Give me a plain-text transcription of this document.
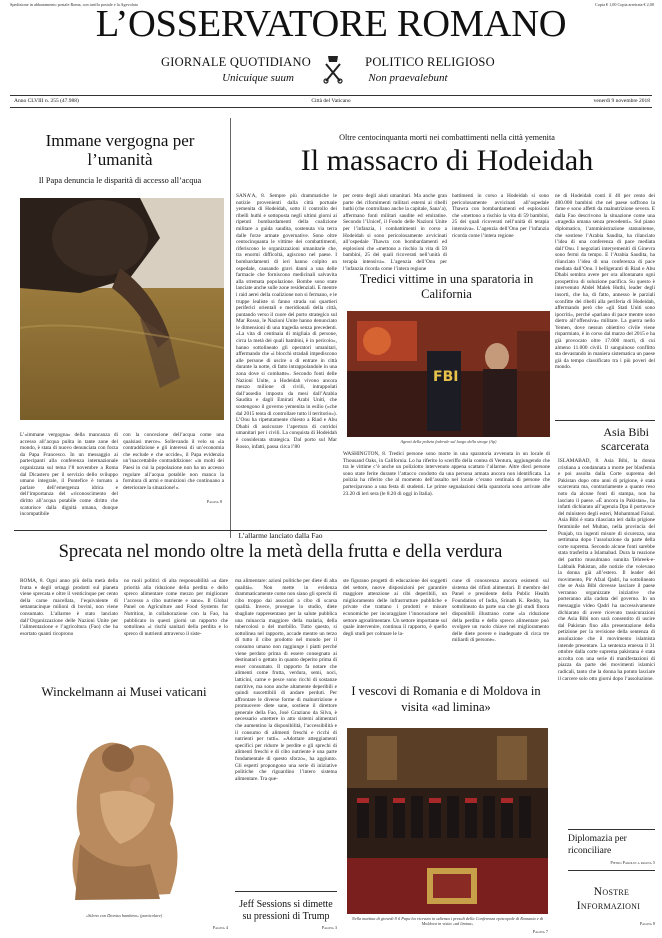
Spedizione in abbonamento postale Roma, con tariffa postale e la Agevolata	Copia € 1,00 Copia arretrata € 2,00
L’OSSERVATORE ROMANO
GIORNALE QUOTIDIANO	POLITICO RELIGIOSO
Unicuique suum	Non praevalebunt
Anno CLVIII n. 255 (47.988)	Città del Vaticano	venerdì 9 novembre 2018
Immane vergogna per l’umanità
Il Papa denuncia le disparità di accesso all’acqua
L’«immane vergogna» della mancanza di accesso all’acqua pulita in tante zone del mondo, è stata di nuovo denunciata con forza da Papa Francesco. In un messaggio ai partecipanti alla conferenza internazionale organizzata sul tema l’8 novembre a Roma dal Dicastero per il servizio dello sviluppo umano integrale, il Pontefice è tornato a parlare dell’emergenza idrica e dell’importanza del «riconoscimento del diritto all’acqua potabile come diritto che scaturisce dalla dignità umana, dunque incompatibile
con la concezione dell’acqua come una qualsiasi merce». Sollevando il velo su «la contraddizione e gli interessi di un’economia che esclude e che uccide», il Papa evidenzia un’inaccettabile contraddizione: «in molti dei Paesi in cui la popolazione non ha un accesso regolare all’acqua potabile non manca la fornitura di armi e munizioni che continuano a deteriorare la situazione!».
Pagina 8
Oltre centocinquanta morti nei combattimenti nella città yemenita
Il massacro di Hodeidah
SANA’A, 8. Sempre più drammatiche le notizie provenienti dalla città portuale yemenita di Hodeidah, sotto il controllo dei ribelli huthi e sottoposta negli ultimi giorni ai ripetuti bombardamenti della coalizione militare a guida saudita, sostenuta via terra dalle forze armate governative. Sono oltre centocinquanta le vittime dei combattimenti, riferiscono le organizzazioni umanitarie che, tra enormi difficoltà, agiscono nel paese. I bombardamenti di ieri hanno colpito un ospedale, causando gravi danni a una delle farmacie che forniscono medicinali salvavita alla stremata popolazione. Bombe sono state lanciate anche sulle zone residenziali. E mentre i raid aerei della coalizione non si fermano, e le truppe lealiste si fanno strada sui quartieri periferici orientali e meridionali della città, puntando verso il cuore del porto strategico sul Mar Rosso, le Nazioni Unite hanno denunciato le dimensioni di una tragedia senza precedenti. «La vita di centinaia di migliaia di persone, circa la metà dei quali bambini, è in pericolo», hanno sottolineato gli operatori umanitari, affermando che «i blocchi stradali impediscono alle persone di uscire o di entrare in città durante la notte, di fatto intrappolandole in una zona dove si combatte». Secondo fonti delle Nazioni Unite, a Hodeidah vivono ancora mezzo milione di civili, intrappolati dall’assedio imposto da mesi dall’Arabia Saudita e dagli Emirati Arabi Uniti, che sostengono il governo yemenita in esilio («che dal 2015 tenta di controllare tutto il territorio»). L’Onu ha ripetutamente chiesto a Riad e Abu Dhabi di assicurare l’apertura di corridoi umanitari per i civili. La conquista di Hodeidah è considerata strategica. Dal porto sul Mar Rosso, infatti, passa circa l’80
per cento degli aiuti umanitari. Ma anche gran parte dei rifornimenti militari esterni ai ribelli huthi (che controllano anche la capitale, Sana’a), affermano fonti militari saudite ed emiratine. Secondo l’Unicef, il Fondo delle Nazioni Unite per l’infanzia, i combattimenti in corso a Hodeidah si sono pericolosamente avvicinati all’ospedale Thawra con bombardamenti ed esplosioni che «mettono a rischio la vita di 59 bambini, 25 dei quali ricoverati nell’unità di terapia intensiva». L’agenzia dell’Onu per l’infanzia ricorda come l’intera regione
battimenti in corso a Hodeidah si sono pericolosamente avvicinati all’ospedale Thawra con bombardamenti ed esplosioni che «mettono a rischio la vita di 59 bambini, 25 dei quali ricoverati nell’unità di terapia intensiva». L’agenzia dell’Onu per l’infanzia ricorda come l’intera regione
ne di Hodeidah conti il 40 per cento dei 400.000 bambini che nel paese soffrono la fame e sono affetti da malnutrizione severa. E dalla Fao descrivono la situazione come una «tragedia umana senza precedenti». Sul piano diplomatico, l’amministrazione statunitense, che sostiene l’Arabia Saudita, ha rilanciato l’idea di una conferenza di pace mediata dall’Onu. I negoziati interyemeniti di Ginevra sono fermi da tempo. E l’Arabia Saudita, ha rilanciato l’idea di una conferenza di pace mediata dall’Onu. I belligeranti di Riad e Abu Dhabi sembra avere per ora allontanato ogni prospettiva di soluzione pacifica. Su questo è intervenuto Abdel Malek Huthi, leader degli insorti, che ha, di fatto, annesso le parziali sconfitte dei ribelli alla periferia di Hodeidah, affermando però che «gli Stati Uniti sono ipocriti», perché «parlano di pace mentre sono dietro all’offensiva» militare. La guerra nello Yemen, dove nessun obiettivo civile viene risparmiato, è in corso dal marzo del 2015 e ha già provocato oltre 17.000 morti, di cui almeno 11.000 civili. Il sanguinoso conflitto sta devastando in maniera sistematica un paese già da tempo classificato tra i più poveri del mondo.
Tredici vittime in una sparatoria in California
FBI
Agenti della polizia federale sul luogo della strage (Ap)
WASHINGTON, 8. Tredici persone sono morte in una sparatoria avvenuta in un locale di Thousand Oaks, in California. Lo ha riferito lo sceriffo della contea di Ventura, aggiungendo che tra le vittime c’è anche un poliziotto intervenuto appena scattato l’allarme. Altre dieci persone sono state ferite durante l’attacco condotto da una persona armata ancora non identificata. La polizia ha riferito che al momento dell’assalto nel locale c’erano centinaia di persone che partecipavano a una festa di studenti. Le prime segnalazioni della sparatoria sono arrivate alle 23.20 di ieri sera (le 8.20 di oggi in Italia).
Asia Bibi scarcerata
ISLAMABAD, 8. Asia Bibi, la donna cristiana a condannata a morte per blasfemia e poi assolta dalla Corte suprema del Pakistan dopo otto anni di prigione, è stata scarcerata ma, contrariamente a quanto reso noto da alcune fonti di stampa, non ha lasciato il paese. «È ancora in Pakistan», ha infatti dichiarato all’agenzia Dpa il portavoce del ministero degli esteri, Mohammad Faisal. Asia Bibi è stata rilasciata ieri dalla prigione femminile nel Multan, nella provincia del Punjab, tra ingenti misure di sicurezza, una settimana dopo l’assoluzione da parte della corte suprema. Secondo alcune fonti sarebbe stata trasferita a Islamabad. Dura la reazione del partito musulmano sunnita Tehreek-e-Labbaik Pakistan, alle notizie che volevano la donna già all’estero. Il leader del movimento, Pir Afzal Qadri, ha sottolineato che se Asia Bibi dovesse lasciare il paese verranno organizzate iniziative che porteranno alla caduta del governo. In un messaggio video Qadri ha successivamente dichiarato di avere ricevuto rassicurazioni che Asia Bibi non sarà consentito di uscire dal Pakistan fino alla presentazione della petizione per la revisione della sentenza di assoluzione che il movimento islamista intende presentare. La sentenza emessa il 31 ottobre dalla corte suprema pakistana è stata accolta con una serie di manifestazioni di piazza da parte dei movimenti islamici radicali, tanto che la donna ha potuto lasciare il carcere solo otto giorni dopo l’assoluzione.
L’allarme lanciato dalla Fao
Sprecata nel mondo oltre la metà della frutta e della verdura
ROMA, 8. Ogni anno più della metà della frutta e degli ortaggi prodotti sul pianeta viene sprecata e oltre il venticinque per cento della carne macellata, l’equivalente di settantacinque milioni di bovini, non viene consumato. L’allarme è stato lanciato dall’Organizzazione delle Nazioni Unite per l’alimentazione e l’agricoltura (Fao) che ha esortato quanti ricoprono
no ruoli politici di alta responsabilità «a dare priorità alla riduzione della perdita e dello spreco alimentare come mezzo per migliorare l’accesso a cibo nutriente e sano». Il Global Panel on Agriculture and Food Systems for Nutrition, in collaborazione con la Fao, ha pubblicato in questi giorni un rapporto che sottolinea «i rischi sanitari della perdita e lo spreco di nutrienti attraverso il siste-
ma alimentare: azioni politiche per diete di alta qualità». Non mette in evidenza drammaticamente come non siano gli sprechi di cibo troppo dai associati a cibo di scarsa qualità. Invece, prosegue lo studio, diete sbagliate rappresentano per la salute pubblica una minaccia maggiore della malaria, della tubercolosi o del morbillo. Tutto questo, si sottolinea nel rapporto, accade mentre un terzo di tutto il cibo prodotto nel mondo per il consumo umano non raggiunge i piatti perché viene perduto prima di essere consegnato ai destinatari o gettato in quanto deperito prima di esser consumato. Il rapporto fa notare che alimenti come frutta, verdura, semi, noci, latticini, carne e pesce sono ricchi di sostanze nutritive, ma sono anche altamente deperibili e quindi suscettibili di andare perduti. Per affrontare le diverse forme di malnutrizione e promuovere diete sane, sostiene il direttore generale della Fao, José Graziano da Silva, è necessario «mettere in atto sistemi alimentari che aumentino la disponibilità, l’accessibilità e il consumo di alimenti freschi e ricchi di nutrienti per tutti». «Adottare atteggiamenti specifici per ridurre le perdite e gli sprechi di alimenti freschi e di cibo nutriente è una parte fondamentale di questo sforzo», ha aggiunto. Gli esperti propongono una serie di iniziative politiche che riguardino l’intero sistema alimentare. Tra que-
ste figurano progetti di educazione dei soggetti del settore, nuove disposizioni per garantire maggiore attenzione ai cibi deperibili, un miglioramento delle infrastrutture pubbliche e private che trattano i prodotti e misure economiche per incoraggiare l’innovazione nel settore agroalimentare. Un settore importante sul quale intervenire, continua il rapporto, è quello degli studi per colmare le la-
cune di conoscenza ancora esistenti sul sistema dei rifiuti alimentari. Il membro del Panel e presidente della Public Health Foundation of India, Srinath K. Reddy, ha sottolineato da parte sua che gli studi finora disponibili illustrano come «la riduzione della perdita e dello spreco alimentare può svolgere un ruolo chiave nel miglioramento delle diete povere e inadeguate di circa tre miliardi di persone».
Winckelmann ai Musei vaticani
«Sileno con Dioniso bambino» (particolare)
Pagina 4
Jeff Sessions si dimette su pressioni di Trump
Pagina 3
I vescovi di Romania e di Moldova in visita «ad limina»
Nella mattina di giovedì 8 il Papa ha ricevuto in udienza i presuli della Conferenza episcopale di Romania e di Moldova in visita «ad limina»
Pagina 7
Diplomazia per riconciliare
Pietro Parolin a pagina 5
Nostre
Informazioni
Pagina 8
